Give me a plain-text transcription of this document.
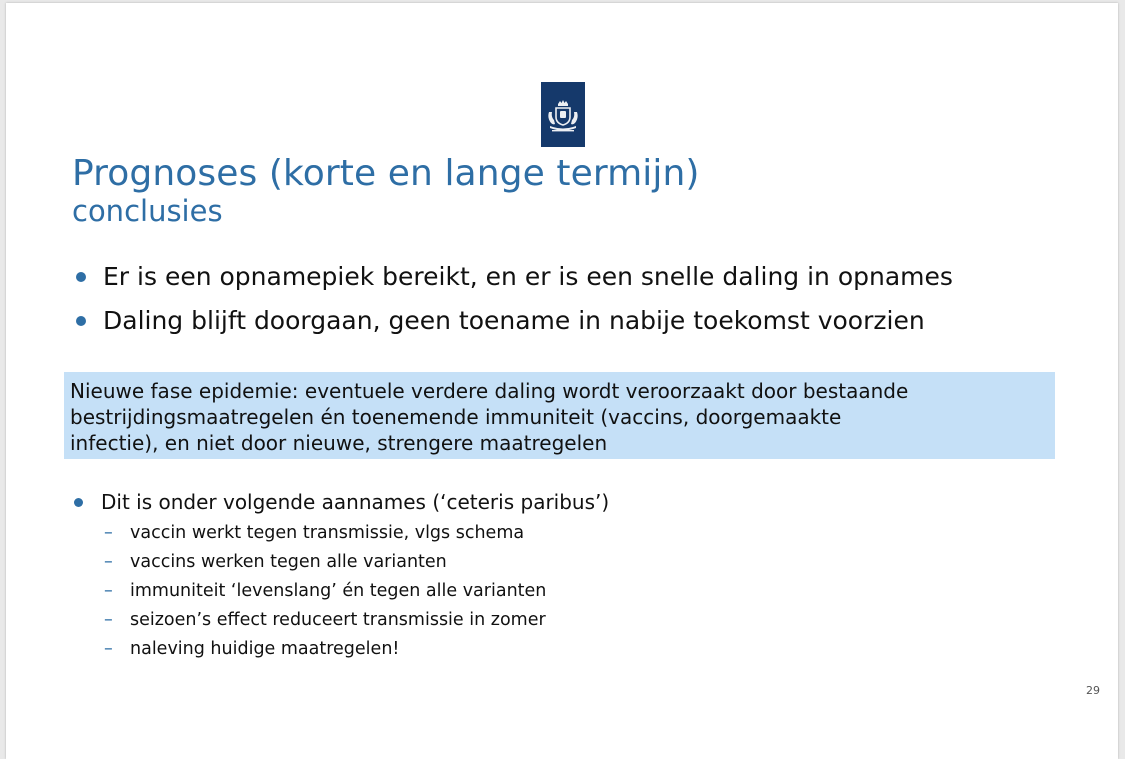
Prognoses (korte en lange termijn)
conclusies
Er is een opnamepiek bereikt, en er is een snelle daling in opnames
Daling blijft doorgaan, geen toename in nabije toekomst voorzien
Nieuwe fase epidemie: eventuele verdere daling wordt veroorzaakt door bestaande
bestrijdingsmaatregelen én toenemende immuniteit (vaccins, doorgemaakte
infectie), en niet door nieuwe, strengere maatregelen
Dit is onder volgende aannames (‘ceteris paribus’)
– vaccin werkt tegen transmissie, vlgs schema
– vaccins werken tegen alle varianten
– immuniteit ‘levenslang’ én tegen alle varianten
– seizoen’s effect reduceert transmissie in zomer
– naleving huidige maatregelen!
29
